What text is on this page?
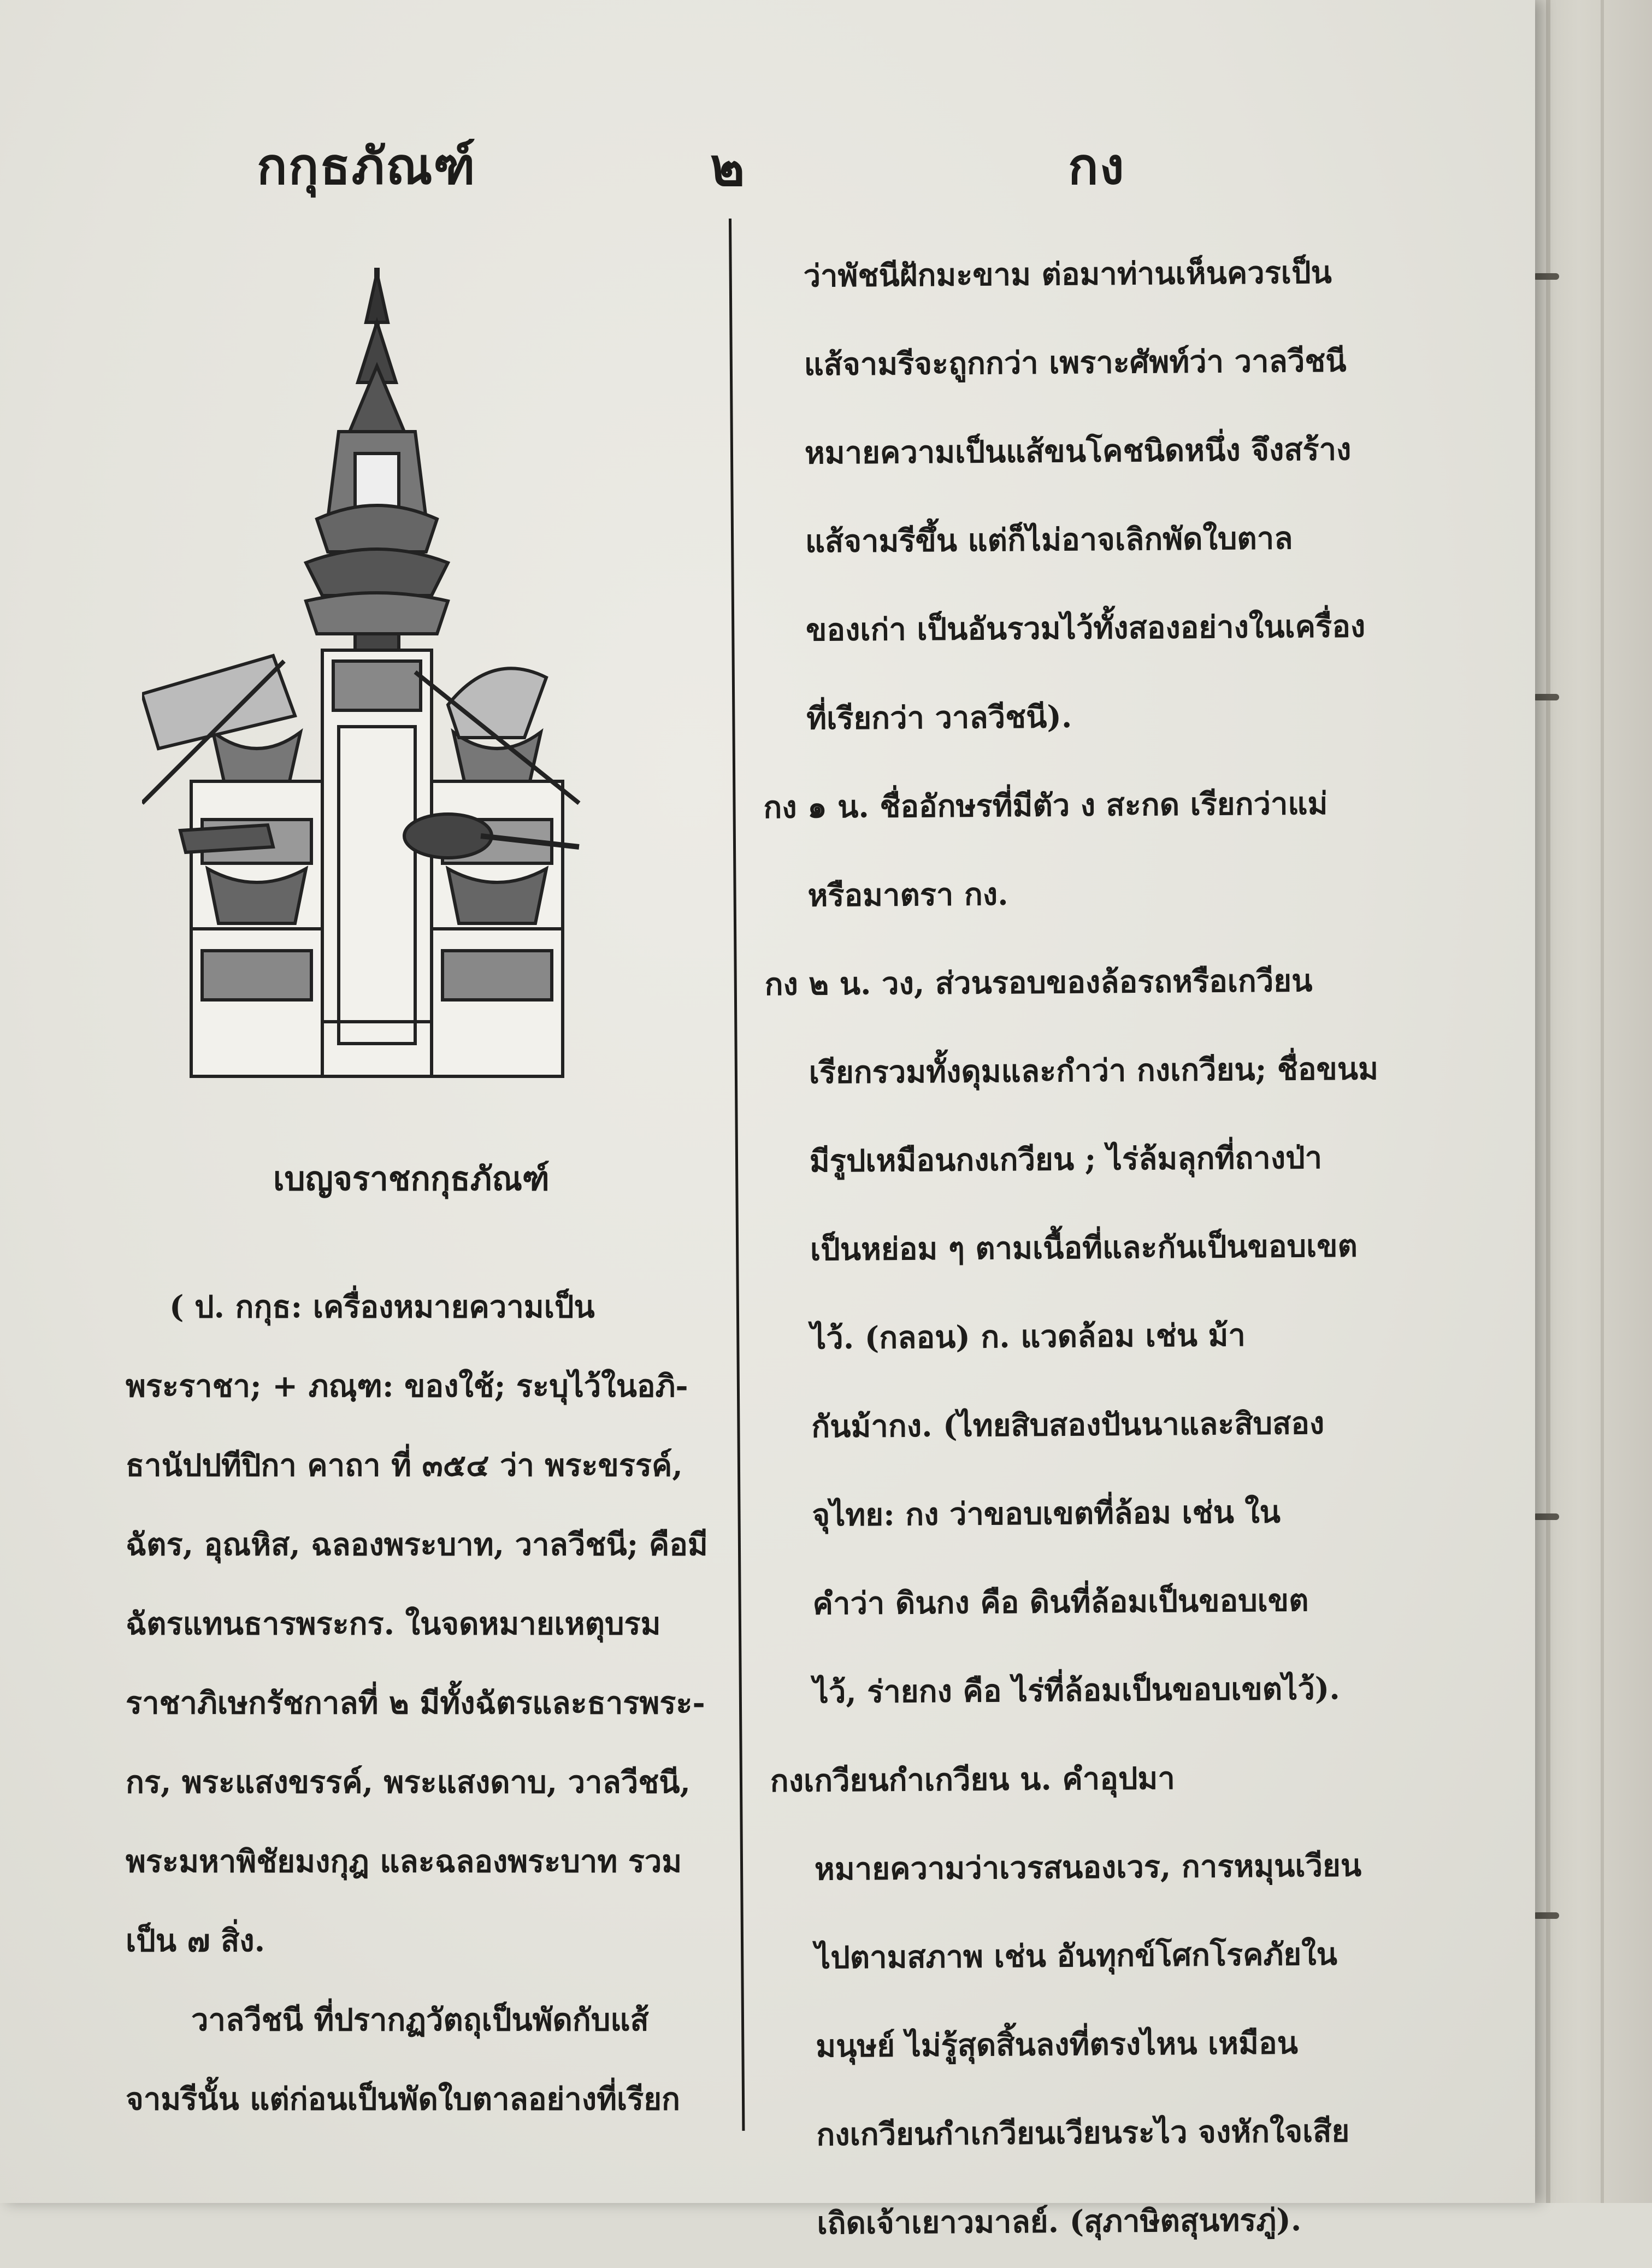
กกุธภัณฑ์	๒	กง
เบญจราชกกุธภัณฑ์
( ป. กกุธ: เครื่องหมายความเป็น
พระราชา; + ภณฺฑ: ของใช้; ระบุไว้ในอภิ-
ธานัปปทีปิกา คาถา ที่ ๓๕๔ ว่า พระขรรค์,
ฉัตร, อุณหิส, ฉลองพระบาท, วาลวีชนี; คือมี
ฉัตรแทนธารพระกร. ในจดหมายเหตุบรม
ราชาภิเษกรัชกาลที่ ๒ มีทั้งฉัตรและธารพระ-
กร, พระแสงขรรค์, พระแสงดาบ, วาลวีชนี,
พระมหาพิชัยมงกุฎ และฉลองพระบาท รวม
เป็น ๗ สิ่ง.
วาลวีชนี ที่ปรากฏวัตถุเป็นพัดกับแส้
จามรีนั้น แต่ก่อนเป็นพัดใบตาลอย่างที่เรียก
ว่าพัชนีฝักมะขาม ต่อมาท่านเห็นควรเป็น
แส้จามรีจะถูกกว่า เพราะศัพท์ว่า วาลวีชนี
หมายความเป็นแส้ขนโคชนิดหนึ่ง จึงสร้าง
แส้จามรีขึ้น แต่ก็ไม่อาจเลิกพัดใบตาล
ของเก่า เป็นอันรวมไว้ทั้งสองอย่างในเครื่อง
ที่เรียกว่า วาลวีชนี).
กง ๑ น. ชื่ออักษรที่มีตัว ง สะกด เรียกว่าแม่
หรือมาตรา กง.
กง ๒ น. วง, ส่วนรอบของล้อรถหรือเกวียน
เรียกรวมทั้งดุมและกำว่า กงเกวียน; ชื่อขนม
มีรูปเหมือนกงเกวียน ; ไร่ล้มลุกที่ถางป่า
เป็นหย่อม ๆ ตามเนื้อที่และกันเป็นขอบเขต
ไว้. (กลอน) ก. แวดล้อม เช่น ม้า
กันม้ากง. (ไทยสิบสองปันนาและสิบสอง
จุไทย: กง ว่าขอบเขตที่ล้อม เช่น ใน
คำว่า ดินกง คือ ดินที่ล้อมเป็นขอบเขต
ไว้, ร่ายกง คือ ไร่ที่ล้อมเป็นขอบเขตไว้).
กงเกวียนกำเกวียน น. คำอุปมา
หมายความว่าเวรสนองเวร, การหมุนเวียน
ไปตามสภาพ เช่น อันทุกข์โศกโรคภัยใน
มนุษย์ ไม่รู้สุดสิ้นลงที่ตรงไหน เหมือน
กงเกวียนกำเกวียนเวียนระไว จงหักใจเสีย
เถิดเจ้าเยาวมาลย์. (สุภาษิตสุนทรภู่).
